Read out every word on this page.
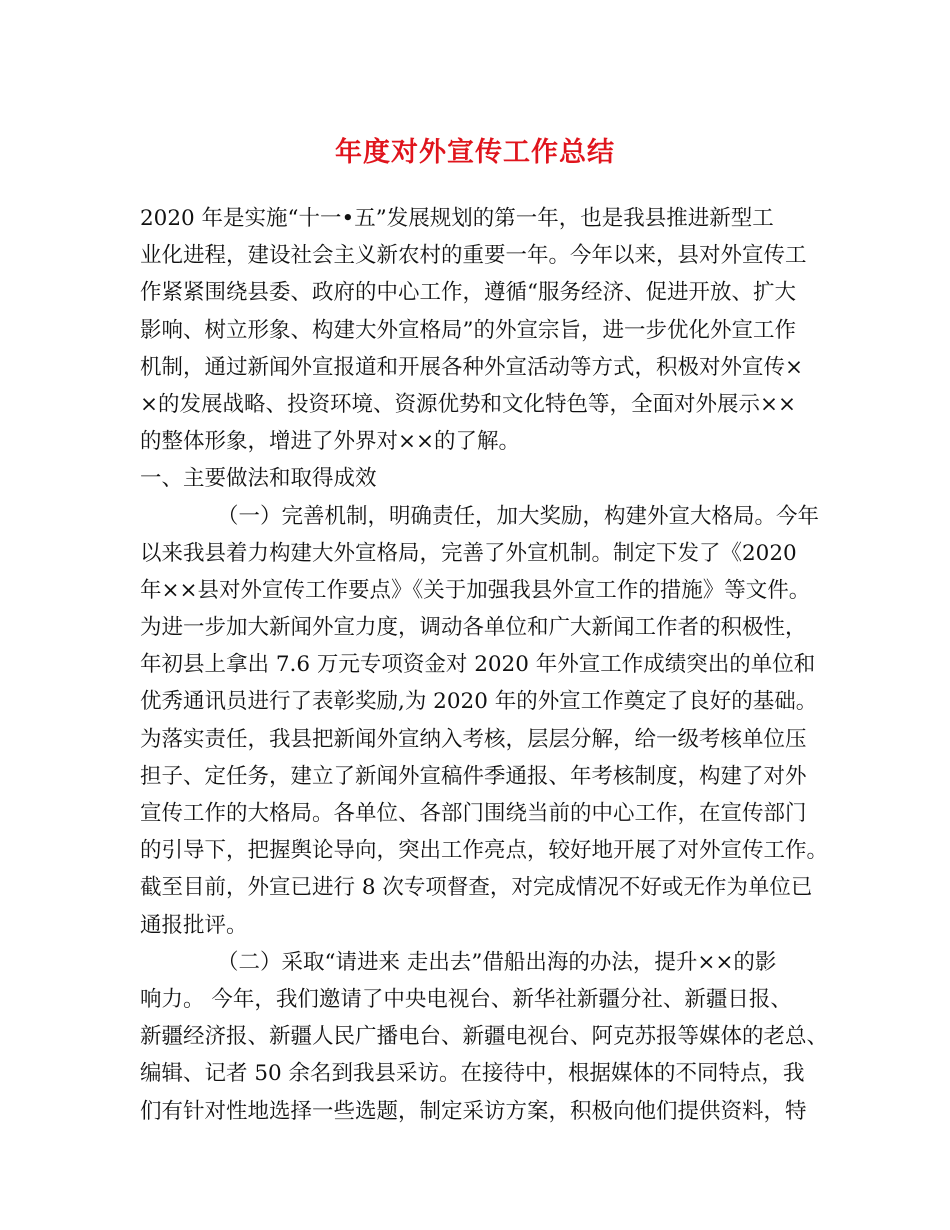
年度对外宣传工作总结
2020 年是实施“十一•五”发展规划的第一年，也是我县推进新型工
业化进程，建设社会主义新农村的重要一年。今年以来，县对外宣传工
作紧紧围绕县委、政府的中心工作，遵循“服务经济、促进开放、扩大
影响、树立形象、构建大外宣格局”的外宣宗旨，进一步优化外宣工作
机制，通过新闻外宣报道和开展各种外宣活动等方式，积极对外宣传×
×的发展战略、投资环境、资源优势和文化特色等，全面对外展示××
的整体形象，增进了外界对××的了解。
一、主要做法和取得成效
（一）完善机制，明确责任，加大奖励，构建外宣大格局。今年
以来我县着力构建大外宣格局，完善了外宣机制。制定下发了《2020
年××县对外宣传工作要点》《关于加强我县外宣工作的措施》等文件。
为进一步加大新闻外宣力度，调动各单位和广大新闻工作者的积极性，
年初县上拿出 7.6 万元专项资金对 2020 年外宣工作成绩突出的单位和
优秀通讯员进行了表彰奖励,为 2020 年的外宣工作奠定了良好的基础。
为落实责任，我县把新闻外宣纳入考核，层层分解，给一级考核单位压
担子、定任务，建立了新闻外宣稿件季通报、年考核制度，构建了对外
宣传工作的大格局。各单位、各部门围绕当前的中心工作，在宣传部门
的引导下，把握舆论导向，突出工作亮点，较好地开展了对外宣传工作。
截至目前，外宣已进行 8 次专项督查，对完成情况不好或无作为单位已
通报批评。
（二）采取“请进来 走出去”借船出海的办法，提升××的影
响力。 今年，我们邀请了中央电视台、新华社新疆分社、新疆日报、
新疆经济报、新疆人民广播电台、新疆电视台、阿克苏报等媒体的老总、
编辑、记者 50 余名到我县采访。在接待中，根据媒体的不同特点，我
们有针对性地选择一些选题，制定采访方案，积极向他们提供资料，特
